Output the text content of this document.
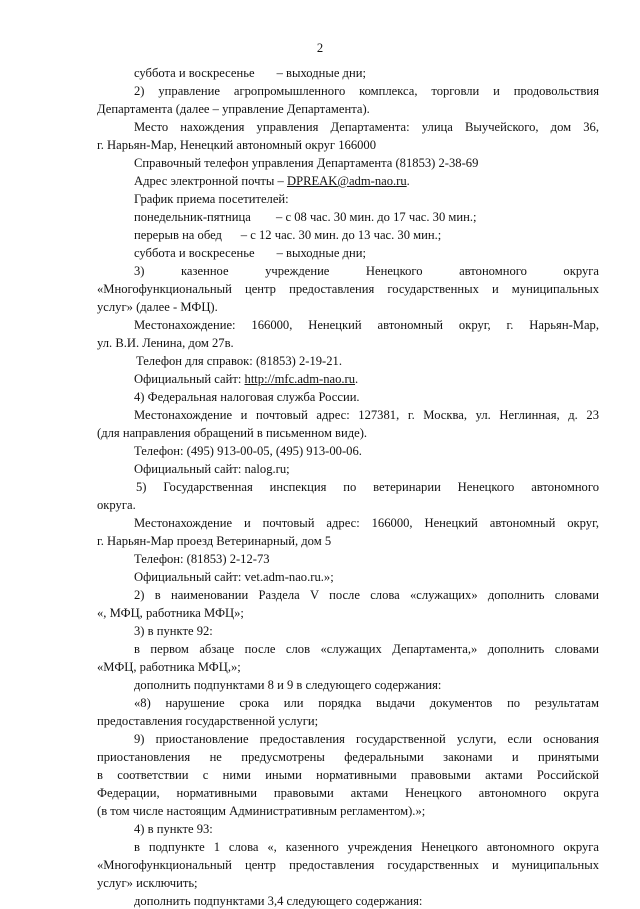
2
суббота и воскресенье       – выходные дни;
2) управление агропромышленного комплекса, торговли и продовольствия
Департамента (далее – управление Департамента).
Место нахождения управления Департамента: улица Выучейского, дом 36,
г. Нарьян-Мар, Ненецкий автономный округ 166000
Справочный телефон управления Департамента (81853) 2-38-69
Адрес электронной почты – DPREAK@adm-nao.ru.
График приема посетителей:
понедельник-пятница        – с 08 час. 30 мин. до 17 час. 30 мин.;
перерыв на обед      – с 12 час. 30 мин. до 13 час. 30 мин.;
суббота и воскресенье       – выходные дни;
3) казенное учреждение Ненецкого автономного округа
«Многофункциональный центр предоставления государственных и муниципальных
услуг» (далее - МФЦ).
Местонахождение: 166000, Ненецкий автономный округ, г. Нарьян-Мар,
ул. В.И. Ленина, дом 27в.
Телефон для справок: (81853) 2-19-21.
Официальный сайт: http://mfc.adm-nao.ru.
4) Федеральная налоговая служба России.
Местонахождение и почтовый адрес: 127381, г. Москва, ул. Неглинная, д. 23
(для направления обращений в письменном виде).
Телефон: (495) 913-00-05, (495) 913-00-06.
Официальный сайт: nalog.ru;
5) Государственная инспекция по ветеринарии Ненецкого автономного
округа.
Местонахождение и почтовый адрес: 166000, Ненецкий автономный округ,
г. Нарьян-Мар проезд Ветеринарный, дом 5
Телефон: (81853) 2-12-73
Официальный сайт: vet.adm-nao.ru.»;
2) в наименовании Раздела V после слова «служащих» дополнить словами
«, МФЦ, работника МФЦ»;
3) в пункте 92:
в первом абзаце после слов «служащих Департамента,» дополнить словами
«МФЦ, работника МФЦ,»;
дополнить подпунктами 8 и 9 в следующего содержания:
«8) нарушение срока или порядка выдачи документов по результатам
предоставления государственной услуги;
9) приостановление предоставления государственной услуги, если основания
приостановления не предусмотрены федеральными законами и принятыми
в соответствии с ними иными нормативными правовыми актами Российской
Федерации, нормативными правовыми актами Ненецкого автономного округа
(в том числе настоящим Административным регламентом).»;
4) в пункте 93:
в подпункте 1 слова «, казенного учреждения Ненецкого автономного округа
«Многофункциональный центр предоставления государственных и муниципальных
услуг» исключить;
дополнить подпунктами 3,4 следующего содержания:
